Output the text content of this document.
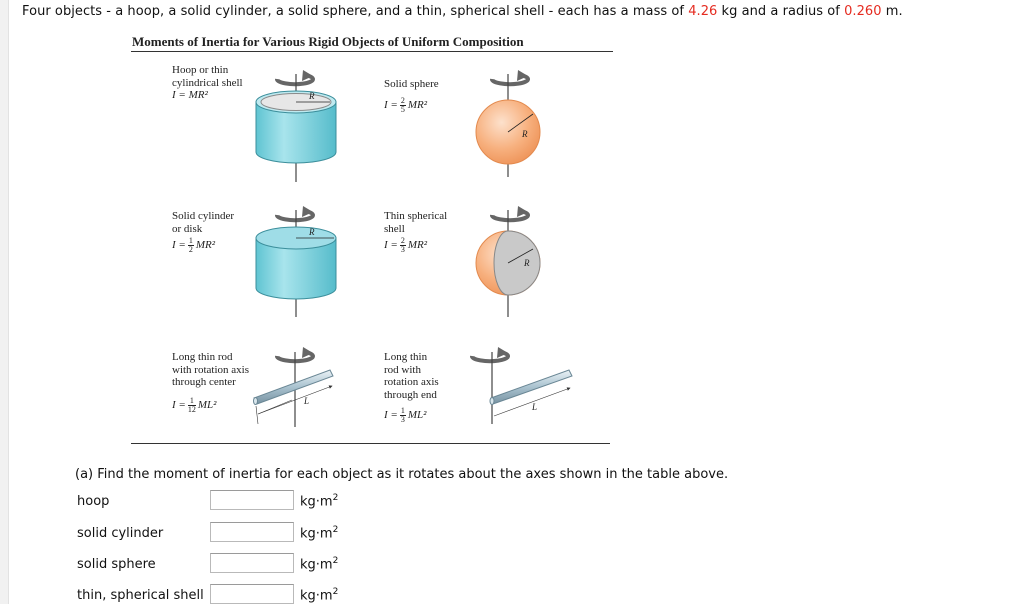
Four objects - a hoop, a solid cylinder, a solid sphere, and a thin, spherical shell - each has a mass of 4.26 kg and a radius of 0.260 m.
Moments of Inertia for Various Rigid Objects of Uniform Composition
Hoop or thin
cylindrical shell
I = MR²
Solid sphere
$I = \frac{2}{5} MR^2$
Solid cylinder
or disk
$I = \frac{1}{2} MR^2$
Thin spherical
shell
$I = \frac{2}{3} MR^2$
Long thin rod
with rotation axis
through center
$I = \frac{1}{12} ML^2$
Long thin
rod with
rotation axis
through end
$I = \frac{1}{3} ML^2$
R
R
R
R
L
L
(a) Find the moment of inertia for each object as it rotates about the axes shown in the table above.
hoop	$kg\cdot m^2$
solid cylinder	$kg\cdot m^2$
solid sphere	$kg\cdot m^2$
thin, spherical shell	$kg\cdot m^2$
